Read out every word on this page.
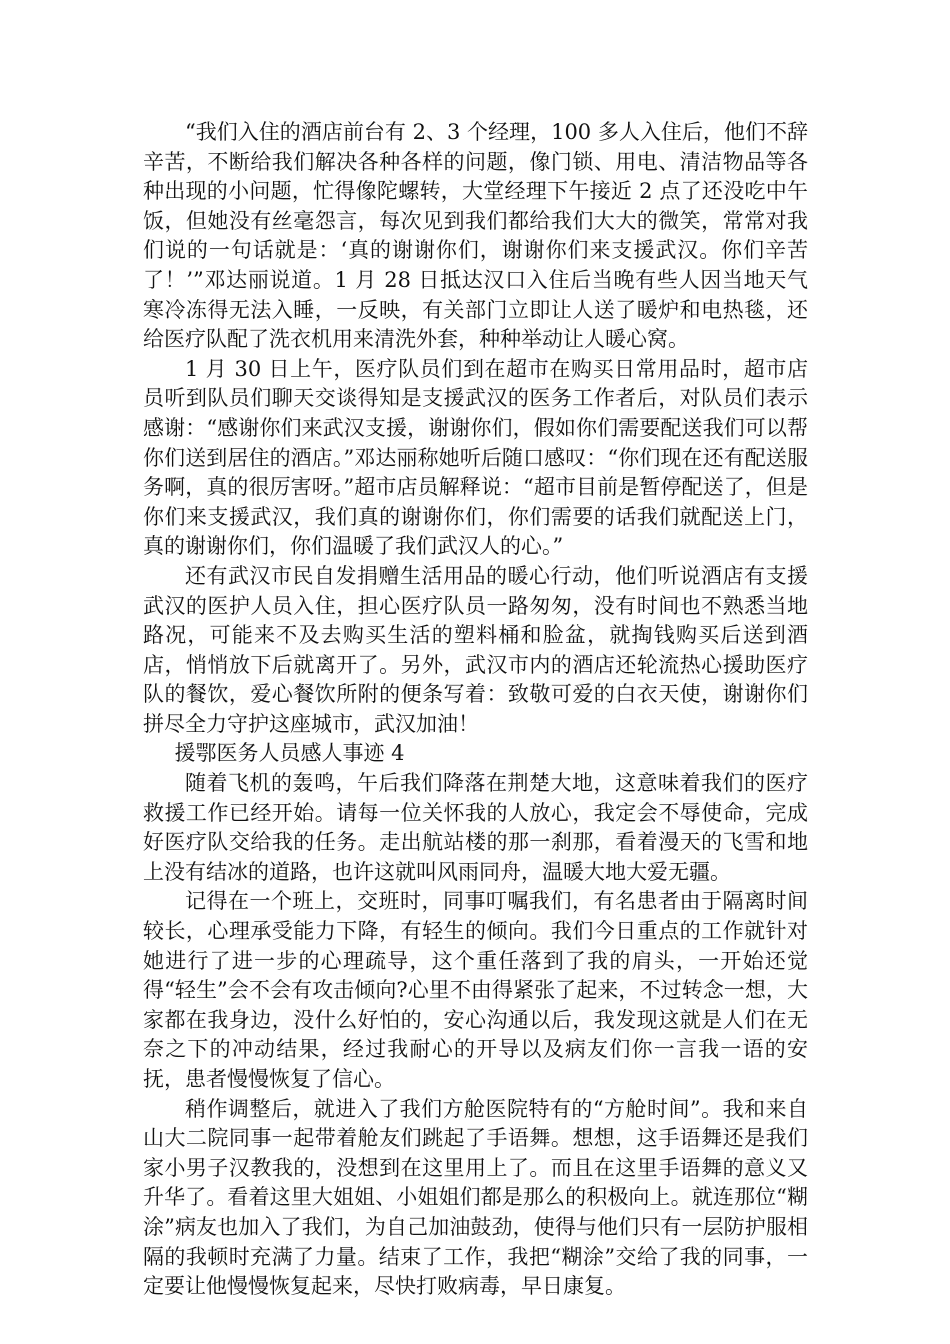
“我们入住的酒店前台有 2、3 个经理，100 多人入住后，他们不辞辛苦，不断给我们解决各种各样的问题，像门锁、用电、清洁物品等各种出现的小问题，忙得像陀螺转，大堂经理下午接近 2 点了还没吃中午饭，但她没有丝毫怨言，每次见到我们都给我们大大的微笑，常常对我们说的一句话就是：‘真的谢谢你们，谢谢你们来支援武汉。你们辛苦了！’”邓达丽说道。1 月 28 日抵达汉口入住后当晚有些人因当地天气寒冷冻得无法入睡，一反映，有关部门立即让人送了暖炉和电热毯，还给医疗队配了洗衣机用来清洗外套，种种举动让人暖心窝。

1 月 30 日上午，医疗队员们到在超市在购买日常用品时，超市店员听到队员们聊天交谈得知是支援武汉的医务工作者后，对队员们表示感谢：“感谢你们来武汉支援，谢谢你们，假如你们需要配送我们可以帮你们送到居住的酒店。”邓达丽称她听后随口感叹：“你们现在还有配送服务啊，真的很厉害呀。”超市店员解释说：“超市目前是暂停配送了，但是你们来支援武汉，我们真的谢谢你们，你们需要的话我们就配送上门，真的谢谢你们，你们温暖了我们武汉人的心。”

还有武汉市民自发捐赠生活用品的暖心行动，他们听说酒店有支援武汉的医护人员入住，担心医疗队员一路匆匆，没有时间也不熟悉当地路况，可能来不及去购买生活的塑料桶和脸盆，就掏钱购买后送到酒店，悄悄放下后就离开了。另外，武汉市内的酒店还轮流热心援助医疗队的餐饮，爱心餐饮所附的便条写着：致敬可爱的白衣天使，谢谢你们拼尽全力守护这座城市，武汉加油！

援鄂医务人员感人事迹 4

随着飞机的轰鸣，午后我们降落在荆楚大地，这意味着我们的医疗救援工作已经开始。请每一位关怀我的人放心，我定会不辱使命，完成好医疗队交给我的任务。走出航站楼的那一刹那，看着漫天的飞雪和地上没有结冰的道路，也许这就叫风雨同舟，温暖大地大爱无疆。

记得在一个班上，交班时，同事叮嘱我们，有名患者由于隔离时间较长，心理承受能力下降，有轻生的倾向。我们今日重点的工作就针对她进行了进一步的心理疏导，这个重任落到了我的肩头，一开始还觉得“轻生”会不会有攻击倾向?心里不由得紧张了起来，不过转念一想，大家都在我身边，没什么好怕的，安心沟通以后，我发现这就是人们在无奈之下的冲动结果，经过我耐心的开导以及病友们你一言我一语的安抚，患者慢慢恢复了信心。

稍作调整后，就进入了我们方舱医院特有的“方舱时间”。我和来自山大二院同事一起带着舱友们跳起了手语舞。想想，这手语舞还是我们家小男子汉教我的，没想到在这里用上了。而且在这里手语舞的意义又升华了。看着这里大姐姐、小姐姐们都是那么的积极向上。就连那位“糊涂”病友也加入了我们，为自己加油鼓劲，使得与他们只有一层防护服相隔的我顿时充满了力量。结束了工作，我把“糊涂”交给了我的同事，一定要让他慢慢恢复起来，尽快打败病毒，早日康复。
